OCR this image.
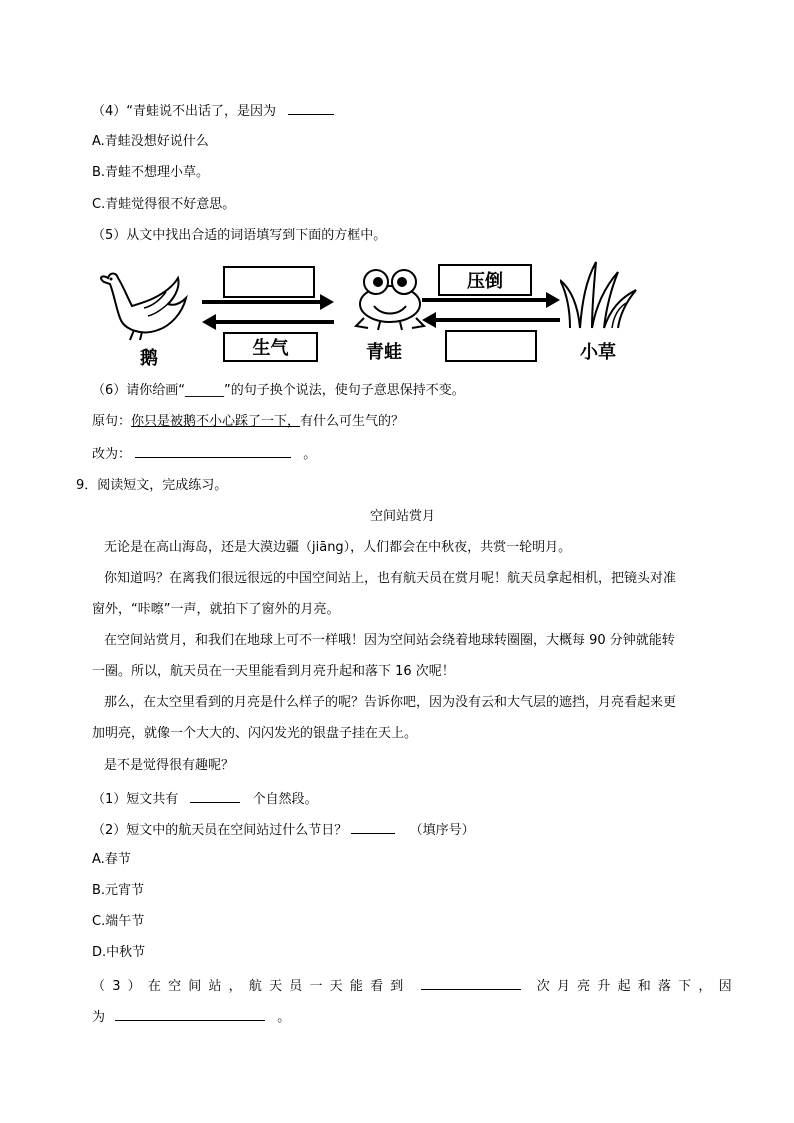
（4）“青蛙说不出话了，是因为
A.青蛙没想好说什么
B.青蛙不想理小草。
C.青蛙觉得很不好意思。
（5）从文中找出合适的词语填写到下面的方框中。
鹅	生气	青蛙
压倒
小草
（6）请你给画“______”的句子换个说法，使句子意思保持不变。
原句：你只是被鹅不小心踩了一下，有什么可生气的？
改为：	。
9．阅读短文，完成练习。
空间站赏月
无论是在高山海岛，还是大漠边疆（jiāng），人们都会在中秋夜，共赏一轮明月。
你知道吗？在离我们很远很远的中国空间站上，也有航天员在赏月呢！航天员拿起相机，把镜头对准
窗外，“咔嚓”一声，就拍下了窗外的月亮。
在空间站赏月，和我们在地球上可不一样哦！因为空间站会绕着地球转圈圈，大概每 90 分钟就能转
一圈。所以，航天员在一天里能看到月亮升起和落下 16 次呢！
那么，在太空里看到的月亮是什么样子的呢？告诉你吧，因为没有云和大气层的遮挡，月亮看起来更
加明亮，就像一个大大的、闪闪发光的银盘子挂在天上。
是不是觉得很有趣呢？
（1）短文共有	个自然段。
（2）短文中的航天员在空间站过什么节日？	（填序号）
A.春节
B.元宵节
C.端午节
D.中秋节
（3）在空间站，航天员一天能看到	次月亮升起和落下，因
为	。
